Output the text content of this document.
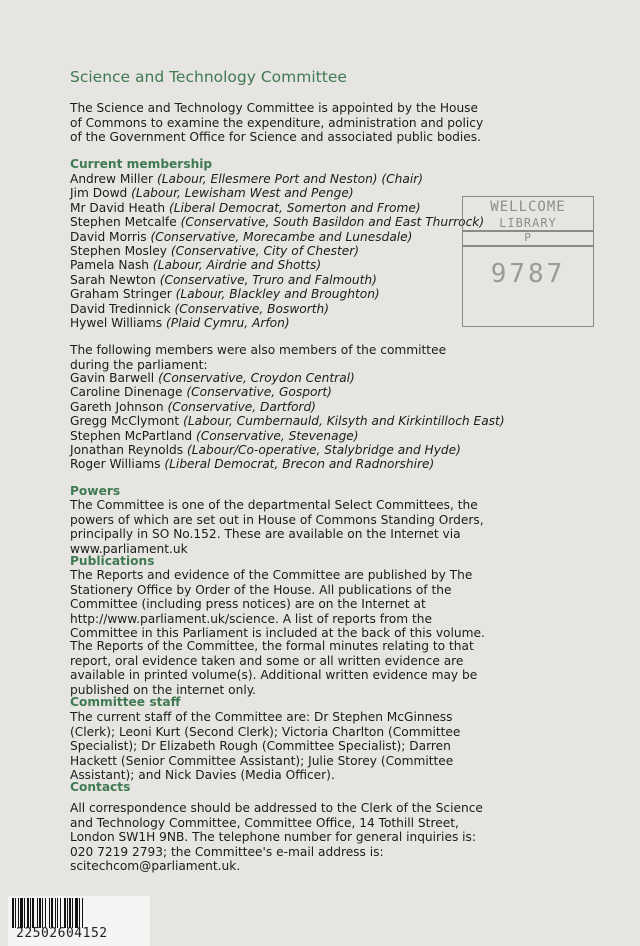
Science and Technology Committee

The Science and Technology Committee is appointed by the House of Commons to examine the expenditure, administration and policy of the Government Office for Science and associated public bodies.

Current membership
Andrew Miller (Labour, Ellesmere Port and Neston) (Chair)
Jim Dowd (Labour, Lewisham West and Penge)
Mr David Heath (Liberal Democrat, Somerton and Frome)
Stephen Metcalfe (Conservative, South Basildon and East Thurrock)
David Morris (Conservative, Morecambe and Lunesdale)
Stephen Mosley (Conservative, City of Chester)
Pamela Nash (Labour, Airdrie and Shotts)
Sarah Newton (Conservative, Truro and Falmouth)
Graham Stringer (Labour, Blackley and Broughton)
David Tredinnick (Conservative, Bosworth)
Hywel Williams (Plaid Cymru, Arfon)
WELLCOME
LIBRARY
P
9787

The following members were also members of the committee during the parliament:

Gavin Barwell (Conservative, Croydon Central)
Caroline Dinenage (Conservative, Gosport)
Gareth Johnson (Conservative, Dartford)
Gregg McClymont (Labour, Cumbernauld, Kilsyth and Kirkintilloch East)
Stephen McPartland (Conservative, Stevenage)
Jonathan Reynolds (Labour/Co-operative, Stalybridge and Hyde)
Roger Williams (Liberal Democrat, Brecon and Radnorshire)
Powers

The Committee is one of the departmental Select Committees, the powers of which are set out in House of Commons Standing Orders, principally in SO No.152. These are available on the Internet via www.parliament.uk

Publications

The Reports and evidence of the Committee are published by The Stationery Office by Order of the House. All publications of the Committee (including press notices) are on the Internet at http://www.parliament.uk/science. A list of reports from the Committee in this Parliament is included at the back of this volume.

The Reports of the Committee, the formal minutes relating to that report, oral evidence taken and some or all written evidence are available in printed volume(s). Additional written evidence may be published on the internet only.

Committee staff

The current staff of the Committee are: Dr Stephen McGinness (Clerk); Leoni Kurt (Second Clerk); Victoria Charlton (Committee Specialist); Dr Elizabeth Rough (Committee Specialist); Darren Hackett (Senior Committee Assistant); Julie Storey (Committee Assistant); and Nick Davies (Media Officer).

Contacts

All correspondence should be addressed to the Clerk of the Science and Technology Committee, Committee Office, 14 Tothill Street, London SW1H 9NB. The telephone number for general inquiries is: 020 7219 2793; the Committee's e-mail address is: scitechcom@parliament.uk.

22502604152
